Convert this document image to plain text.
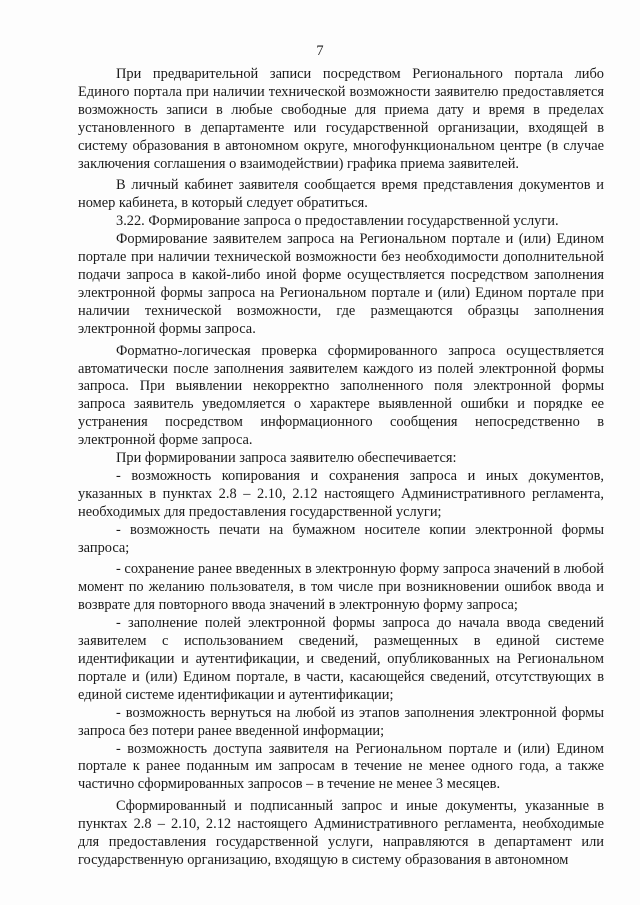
7

При предварительной записи посредством Регионального портала либо Единого портала при наличии технической возможности заявителю предоставляется возможность записи в любые свободные для приема дату и время в пределах установленного в департаменте или государственной организации, входящей в систему образования в автономном округе, многофункциональном центре (в случае заключения соглашения о взаимодействии) графика приема заявителей.

В личный кабинет заявителя сообщается время представления документов и номер кабинета, в который следует обратиться.

3.22. Формирование запроса о предоставлении государственной услуги.

Формирование заявителем запроса на Региональном портале и (или) Едином портале при наличии технической возможности без необходимости дополнительной подачи запроса в какой-либо иной форме осуществляется посредством заполнения электронной формы запроса на Региональном портале и (или) Едином портале при наличии технической возможности, где размещаются образцы заполнения электронной формы запроса.

Форматно-логическая проверка сформированного запроса осуществляется автоматически после заполнения заявителем каждого из полей электронной формы запроса. При выявлении некорректно заполненного поля электронной формы запроса заявитель уведомляется о характере выявленной ошибки и порядке ее устранения посредством информационного сообщения непосредственно в электронной форме запроса.

При формировании запроса заявителю обеспечивается:

- возможность копирования и сохранения запроса и иных документов, указанных в пунктах 2.8 – 2.10, 2.12 настоящего Административного регламента, необходимых для предоставления государственной услуги;

- возможность печати на бумажном носителе копии электронной формы запроса;

- сохранение ранее введенных в электронную форму запроса значений в любой момент по желанию пользователя, в том числе при возникновении ошибок ввода и возврате для повторного ввода значений в электронную форму запроса;

- заполнение полей электронной формы запроса до начала ввода сведений заявителем с использованием сведений, размещенных в единой системе идентификации и аутентификации, и сведений, опубликованных на Региональном портале и (или) Едином портале, в части, касающейся сведений, отсутствующих в единой системе идентификации и аутентификации;

- возможность вернуться на любой из этапов заполнения электронной формы запроса без потери ранее введенной информации;

- возможность доступа заявителя на Региональном портале и (или) Едином портале к ранее поданным им запросам в течение не менее одного года, а также частично сформированных запросов – в течение не менее 3 месяцев.

Сформированный и подписанный запрос и иные документы, указанные в пунктах 2.8 – 2.10, 2.12 настоящего Административного регламента, необходимые для предоставления государственной услуги, направляются в департамент или государственную организацию, входящую в систему образования в автономном
